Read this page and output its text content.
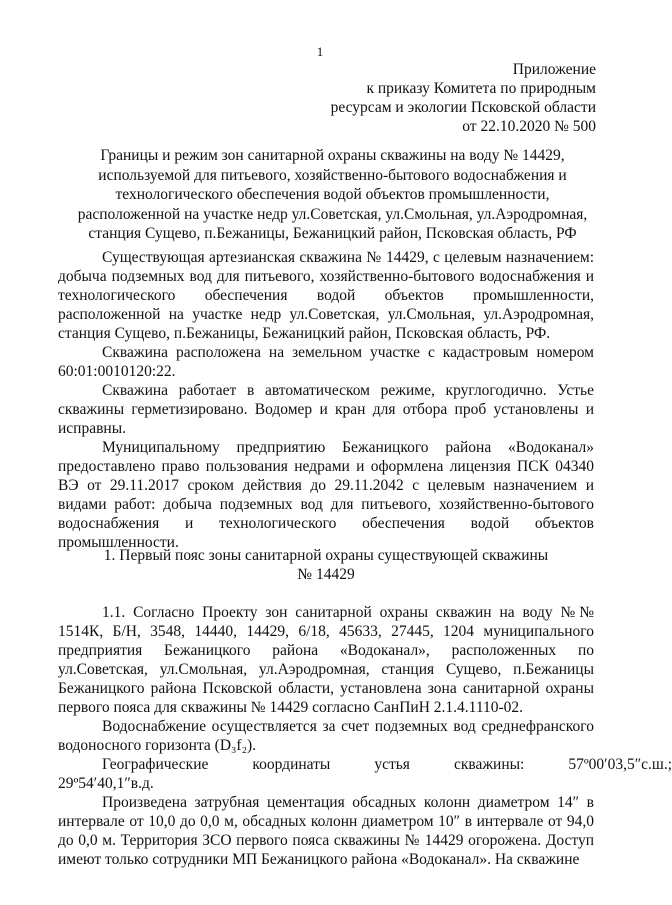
1
Приложение
к приказу Комитета по природным
ресурсам и экологии Псковской области
от 22.10.2020 № 500
Границы и режим зон санитарной охраны скважины на воду № 14429,
используемой для питьевого, хозяйственно-бытового водоснабжения и
технологического обеспечения водой объектов промышленности,
расположенной на участке недр ул.Советская, ул.Смольная, ул.Аэродромная,
станция Сущево, п.Бежаницы, Бежаницкий район, Псковская область, РФ

Существующая артезианская скважина № 14429, с целевым назначением: добыча подземных вод для питьевого, хозяйственно-бытового водоснабжения и технологического обеспечения водой объектов промышленности, расположенной на участке недр ул.Советская, ул.Смольная, ул.Аэродромная, станция Сущево, п.Бежаницы, Бежаницкий район, Псковская область, РФ.

Скважина расположена на земельном участке с кадастровым номером 60:01:0010120:22.

Скважина работает в автоматическом режиме, круглогодично. Устье скважины герметизировано. Водомер и кран для отбора проб установлены и исправны.

Муниципальному предприятию Бежаницкого района «Водоканал» предоставлено право пользования недрами и оформлена лицензия ПСК 04340 ВЭ от 29.11.2017 сроком действия до 29.11.2042 с целевым назначением и видами работ: добыча подземных вод для питьевого, хозяйственно-бытового водоснабжения и технологического обеспечения водой объектов промышленности.

1. Первый пояс зоны санитарной охраны существующей скважины
№ 14429

1.1. Согласно Проекту зон санитарной охраны скважин на воду №№ 1514К, Б/Н, 3548, 14440, 14429, 6/18, 45633, 27445, 1204 муниципального предприятия Бежаницкого района «Водоканал», расположенных по ул.Советская, ул.Смольная, ул.Аэродромная, станция Сущево, п.Бежаницы Бежаницкого района Псковской области, установлена зона санитарной охраны первого пояса для скважины № 14429 согласно СанПиН 2.1.4.1110-02.

Водоснабжение осуществляется за счет подземных вод среднефранского водоносного горизонта (D₃f₂).

Географические	координаты	устья	скважины:	57º00′03,5″с.ш.;
29º54′40,1″в.д.

Произведена затрубная цементация обсадных колонн диаметром 14″ в интервале от 10,0 до 0,0 м, обсадных колонн диаметром 10″ в интервале от 94,0 до 0,0 м. Территория ЗСО первого пояса скважины № 14429 огорожена. Доступ имеют только сотрудники МП Бежаницкого района «Водоканал». На скважине
